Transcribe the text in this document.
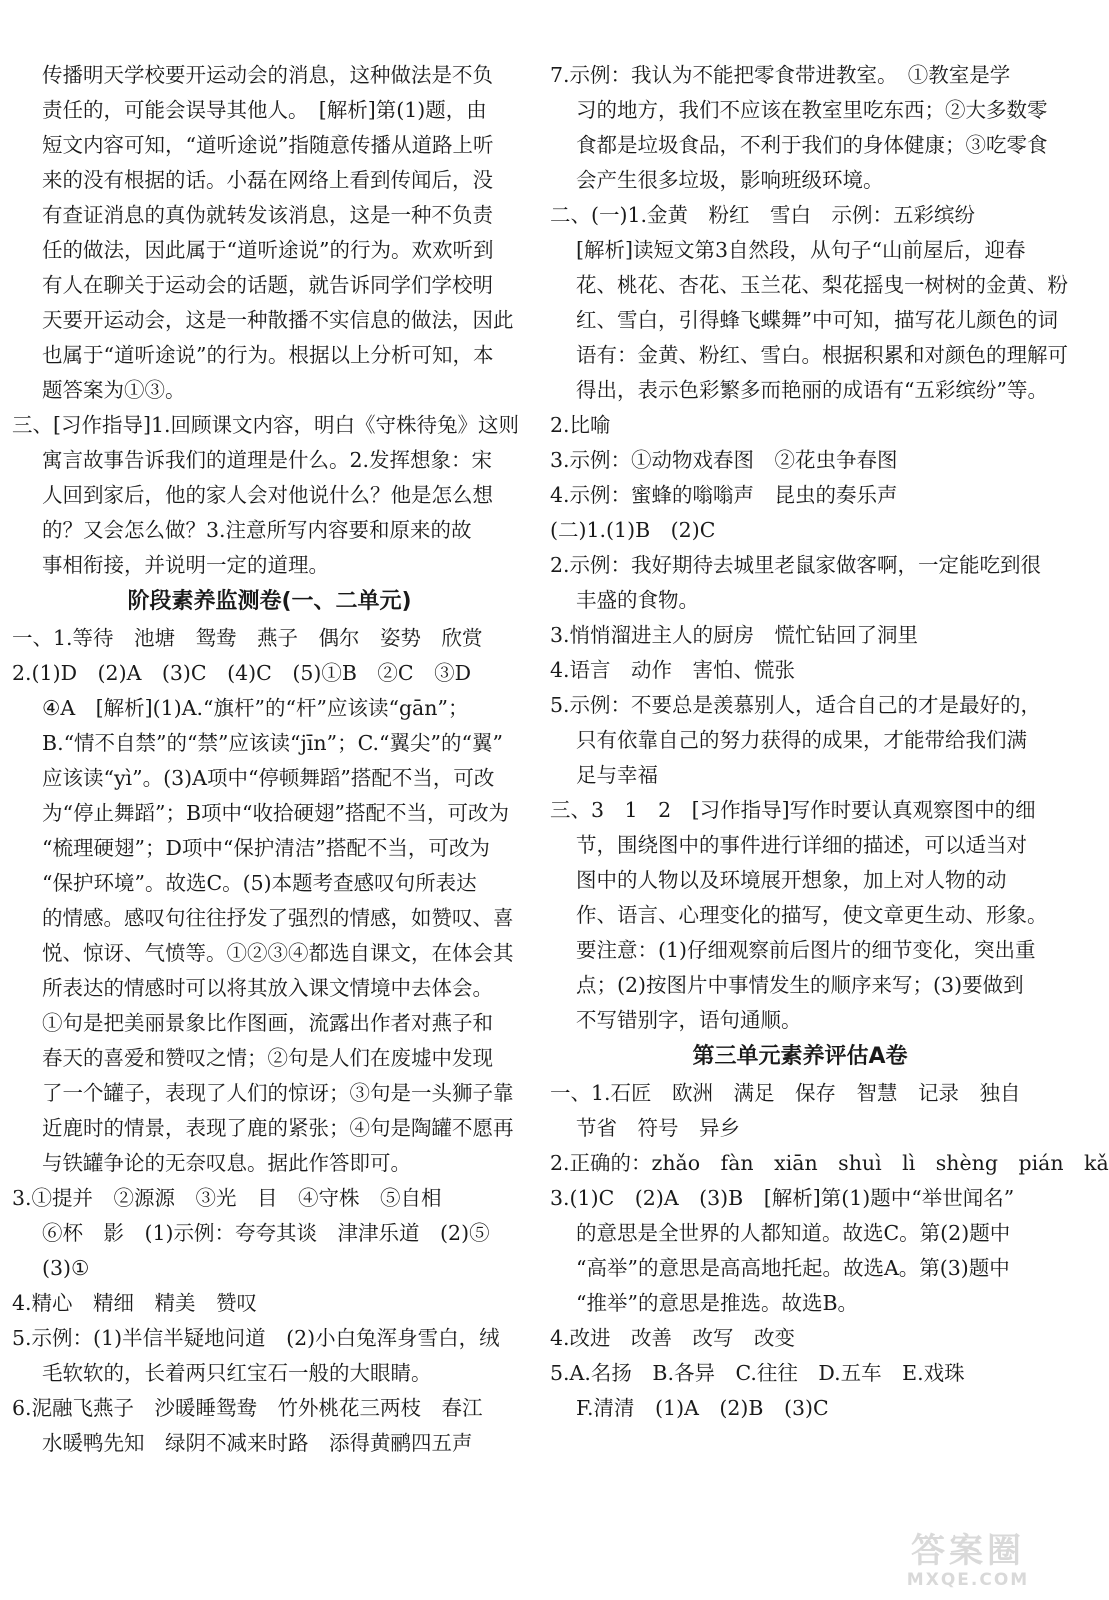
传播明天学校要开运动会的消息，这种做法是不负
责任的，可能会误导其他人。　[解析]第(1)题，由
短文内容可知，“道听途说”指随意传播从道路上听
来的没有根据的话。小磊在网络上看到传闻后，没
有查证消息的真伪就转发该消息，这是一种不负责
任的做法，因此属于“道听途说”的行为。欢欢听到
有人在聊关于运动会的话题，就告诉同学们学校明
天要开运动会，这是一种散播不实信息的做法，因此
也属于“道听途说”的行为。根据以上分析可知，本
题答案为①③。
三、[习作指导]1.回顾课文内容，明白《守株待兔》这则
寓言故事告诉我们的道理是什么。2.发挥想象：宋
人回到家后，他的家人会对他说什么？他是怎么想
的？又会怎么做？3.注意所写内容要和原来的故
事相衔接，并说明一定的道理。
阶段素养监测卷(一、二单元)
一、1.等待　池塘　鸳鸯　燕子　偶尔　姿势　欣赏
2.(1)D　(2)A　(3)C　(4)C　(5)①B　②C　③D
④A　[解析](1)A.“旗杆”的“杆”应该读“gān”；
B.“情不自禁”的“禁”应该读“jīn”；C.“翼尖”的“翼”
应该读“yì”。(3)A项中“停顿舞蹈”搭配不当，可改
为“停止舞蹈”；B项中“收拾硬翅”搭配不当，可改为
“梳理硬翅”；D项中“保护清洁”搭配不当，可改为
“保护环境”。故选C。(5)本题考查感叹句所表达
的情感。感叹句往往抒发了强烈的情感，如赞叹、喜
悦、惊讶、气愤等。①②③④都选自课文，在体会其
所表达的情感时可以将其放入课文情境中去体会。
①句是把美丽景象比作图画，流露出作者对燕子和
春天的喜爱和赞叹之情；②句是人们在废墟中发现
了一个罐子，表现了人们的惊讶；③句是一头狮子靠
近鹿时的情景，表现了鹿的紧张；④句是陶罐不愿再
与铁罐争论的无奈叹息。据此作答即可。
3.①提并　②源源　③光　目　④守株　⑤自相
⑥杯　影　(1)示例：夸夸其谈　津津乐道　(2)⑤
(3)①
4.精心　精细　精美　赞叹
5.示例：(1)半信半疑地问道　(2)小白兔浑身雪白，绒
毛软软的，长着两只红宝石一般的大眼睛。
6.泥融飞燕子　沙暖睡鸳鸯　竹外桃花三两枝　春江
水暖鸭先知　绿阴不减来时路　添得黄鹂四五声
7.示例：我认为不能把零食带进教室。　①教室是学
习的地方，我们不应该在教室里吃东西；②大多数零
食都是垃圾食品，不利于我们的身体健康；③吃零食
会产生很多垃圾，影响班级环境。
二、(一)1.金黄　粉红　雪白　示例：五彩缤纷
[解析]读短文第3自然段，从句子“山前屋后，迎春
花、桃花、杏花、玉兰花、梨花摇曳一树树的金黄、粉
红、雪白，引得蜂飞蝶舞”中可知，描写花儿颜色的词
语有：金黄、粉红、雪白。根据积累和对颜色的理解可
得出，表示色彩繁多而艳丽的成语有“五彩缤纷”等。
2.比喻
3.示例：①动物戏春图　②花虫争春图
4.示例：蜜蜂的嗡嗡声　昆虫的奏乐声
(二)1.(1)B　(2)C
2.示例：我好期待去城里老鼠家做客啊，一定能吃到很
丰盛的食物。
3.悄悄溜进主人的厨房　慌忙钻回了洞里
4.语言　动作　害怕、慌张
5.示例：不要总是羡慕别人，适合自己的才是最好的，
只有依靠自己的努力获得的成果，才能带给我们满
足与幸福
三、3　1　2　[习作指导]写作时要认真观察图中的细
节，围绕图中的事件进行详细的描述，可以适当对
图中的人物以及环境展开想象，加上对人物的动
作、语言、心理变化的描写，使文章更生动、形象。
要注意：(1)仔细观察前后图片的细节变化，突出重
点；(2)按图片中事情发生的顺序来写；(3)要做到
不写错别字，语句通顺。
第三单元素养评估A卷
一、1.石匠　欧洲　满足　保存　智慧　记录　独自
节省　符号　异乡
2.正确的：zhǎo　fàn　xiān　shuì　lì　shèng　pián　kǎ
3.(1)C　(2)A　(3)B　[解析]第(1)题中“举世闻名”
的意思是全世界的人都知道。故选C。第(2)题中
“高举”的意思是高高地托起。故选A。第(3)题中
“推举”的意思是推选。故选B。
4.改进　改善　改写　改变
5.A.名扬　B.各异　C.往往　D.五车　E.戏珠
F.清清　(1)A　(2)B　(3)C
答案圈
MXQE.COM
